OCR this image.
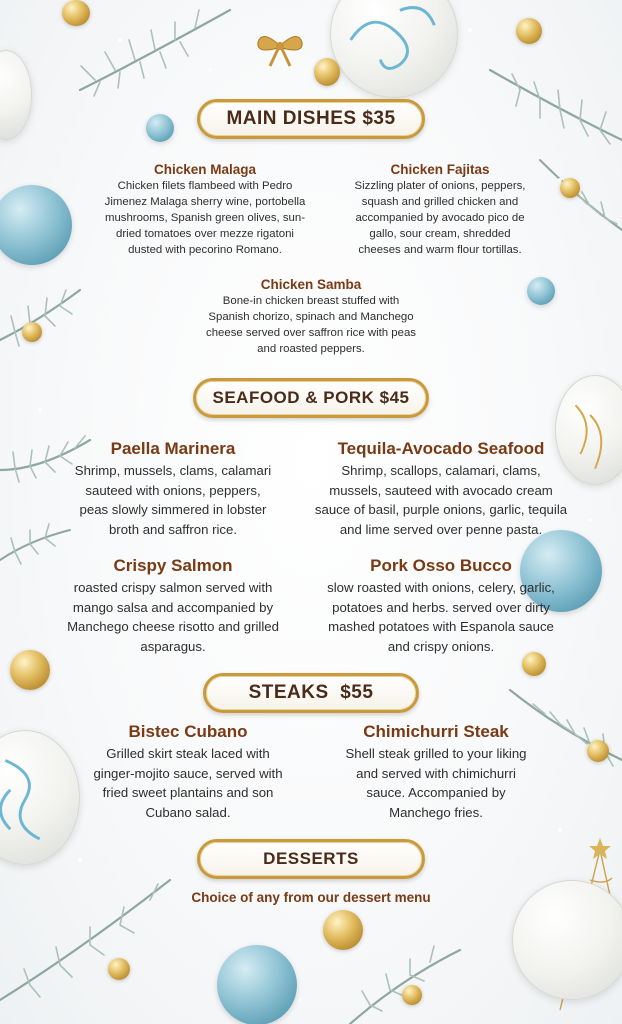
MAIN DISHES $35
Chicken Malaga
Chicken filets flambeed with Pedro
Jimenez Malaga sherry wine, portobella
mushrooms, Spanish green olives, sun-
dried tomatoes over mezze rigatoni
dusted with pecorino Romano.
Chicken Fajitas
Sizzling plater of onions, peppers,
squash and grilled chicken and
accompanied by avocado pico de
gallo, sour cream, shredded
cheeses and warm flour tortillas.
Chicken Samba
Bone-in chicken breast stuffed with
Spanish chorizo, spinach and Manchego
cheese served over saffron rice with peas
and roasted peppers.
SEAFOOD & PORK $45
Paella Marinera
Shrimp, mussels, clams, calamari
sauteed with onions, peppers,
peas slowly simmered in lobster
broth and saffron rice.
Tequila-Avocado Seafood
Shrimp, scallops, calamari, clams,
mussels, sauteed with avocado cream
sauce of basil, purple onions, garlic, tequila
and lime served over penne pasta.
Crispy Salmon
roasted crispy salmon served with
mango salsa and accompanied by
Manchego cheese risotto and grilled
asparagus.
Pork Osso Bucco
slow roasted with onions, celery, garlic,
potatoes and herbs. served over dirty
mashed potatoes with Espanola sauce
and crispy onions.
STEAKS  $55
Bistec Cubano
Grilled skirt steak laced with
ginger-mojito sauce, served with
fried sweet plantains and son
Cubano salad.
Chimichurri Steak
Shell steak grilled to your liking
and served with chimichurri
sauce. Accompanied by
Manchego fries.
DESSERTS
Choice of any from our dessert menu
